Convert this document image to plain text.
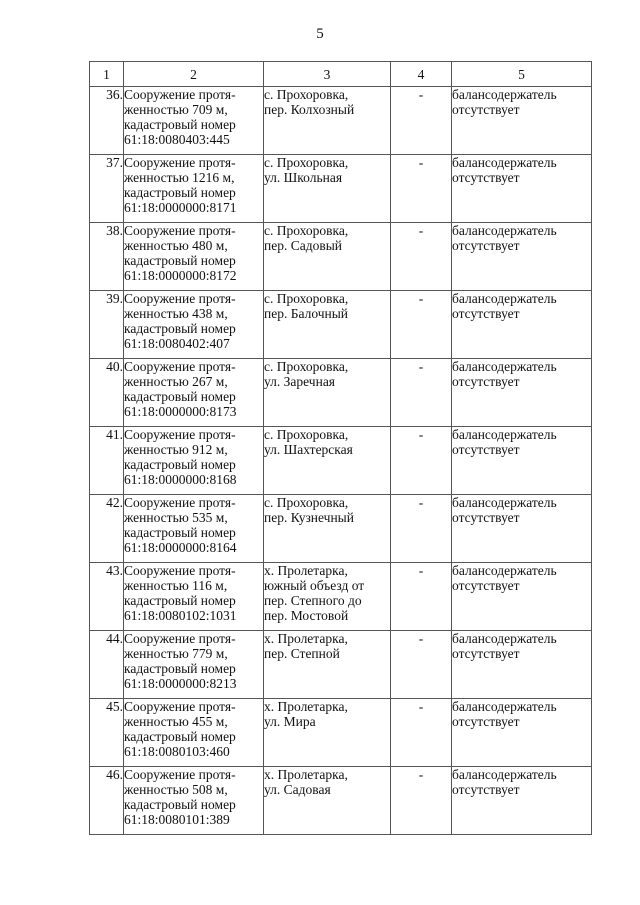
5
1	2	3	4	5

36.	Сооружение протя-
женностью 709 м,
кадастровый номер
61:18:0080403:445	с. Прохоровка,
пер. Колхозный	-	балансодержатель
отсутствует

37.	Сооружение протя-
женностью 1216 м,
кадастровый номер
61:18:0000000:8171	с. Прохоровка,
ул. Школьная	-	балансодержатель
отсутствует

38.	Сооружение протя-
женностью 480 м,
кадастровый номер
61:18:0000000:8172	с. Прохоровка,
пер. Садовый	-	балансодержатель
отсутствует

39.	Сооружение протя-
женностью 438 м,
кадастровый номер
61:18:0080402:407	с. Прохоровка,
пер. Балочный	-	балансодержатель
отсутствует

40.	Сооружение протя-
женностью 267 м,
кадастровый номер
61:18:0000000:8173	с. Прохоровка,
ул. Заречная	-	балансодержатель
отсутствует

41.	Сооружение протя-
женностью 912 м,
кадастровый номер
61:18:0000000:8168	с. Прохоровка,
ул. Шахтерская	-	балансодержатель
отсутствует

42.	Сооружение протя-
женностью 535 м,
кадастровый номер
61:18:0000000:8164	с. Прохоровка,
пер. Кузнечный	-	балансодержатель
отсутствует

43.	Сооружение протя-
женностью 116 м,
кадастровый номер
61:18:0080102:1031	х. Пролетарка,
южный объезд от
пер. Степного до
пер. Мостовой	-	балансодержатель
отсутствует

44.	Сооружение протя-
женностью 779 м,
кадастровый номер
61:18:0000000:8213	х. Пролетарка,
пер. Степной	-	балансодержатель
отсутствует

45.	Сооружение протя-
женностью 455 м,
кадастровый номер
61:18:0080103:460	х. Пролетарка,
ул. Мира	-	балансодержатель
отсутствует

46.	Сооружение протя-
женностью 508 м,
кадастровый номер
61:18:0080101:389	х. Пролетарка,
ул. Садовая	-	балансодержатель
отсутствует
